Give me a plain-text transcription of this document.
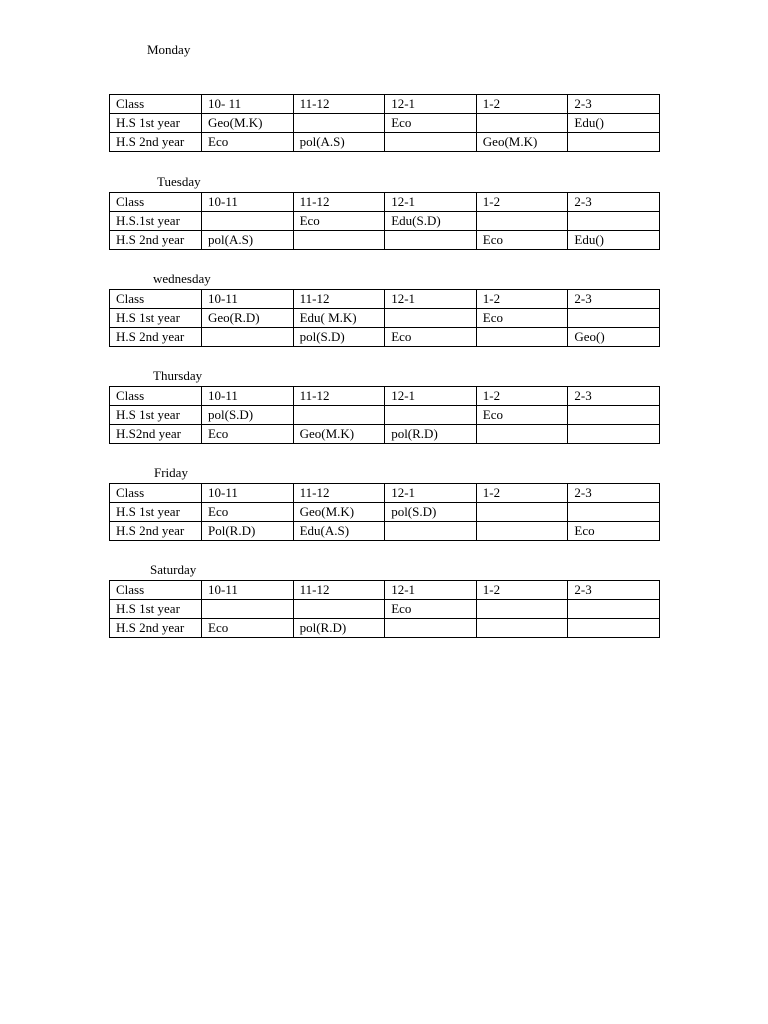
Monday
Class	10- 11	11-12	12-1	1-2	2-3
H.S 1st year	Geo(M.K)		Eco		Edu()
H.S 2nd year	Eco	pol(A.S)		Geo(M.K)	
Tuesday
Class	10-11	11-12	12-1	1-2	2-3
H.S.1st year		Eco	Edu(S.D)		
H.S 2nd year	pol(A.S)			Eco	Edu()
wednesday
Class	10-11	11-12	12-1	1-2	2-3
H.S 1st year	Geo(R.D)	Edu( M.K)		Eco	
H.S 2nd year		pol(S.D)	Eco		Geo()
Thursday
Class	10-11	11-12	12-1	1-2	2-3
H.S 1st year	pol(S.D)			Eco	
H.S2nd year	Eco	Geo(M.K)	pol(R.D)		
Friday
Class	10-11	11-12	12-1	1-2	2-3
H.S 1st year	Eco	Geo(M.K)	pol(S.D)		
H.S 2nd year	Pol(R.D)	Edu(A.S)			Eco
Saturday
Class	10-11	11-12	12-1	1-2	2-3
H.S 1st year			Eco		
H.S 2nd year	Eco	pol(R.D)			
